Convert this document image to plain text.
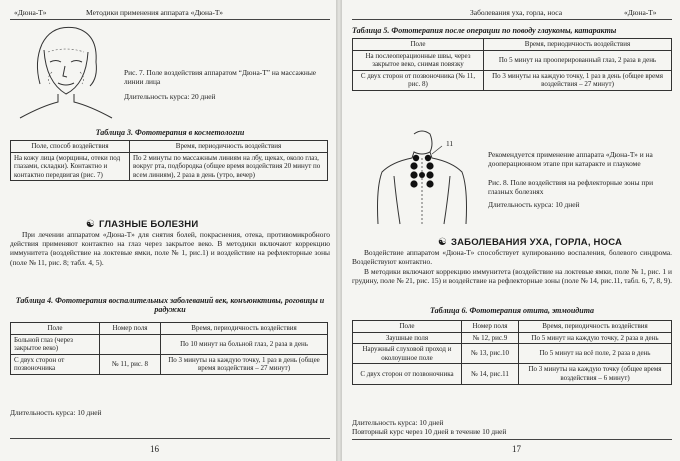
«Дюна-Т»	Методики применения аппарата «Дюна-Т»
Рис. 7. Поле воздействия аппаратом “Дюна-Т” на массажные линии лица
Длительность курса: 20 дней
Таблица 3. Фототерапия в косметологии
Поле, способ воздействия	Время, периодичность воздействия
На кожу лица (морщины, отеки под глазами, складки). Контактно и контактно передвигая (рис. 7)	По 2 минуты по массажным линиям на лбу, щеках, около глаз, вокруг рта, подбородка (общее время воздействия 20 минут по всем линиям), 2 раза в день (утро, вечер)
☯ ГЛАЗНЫЕ БОЛЕЗНИ
При лечении аппаратом «Дюна-Т» для снятия болей, покраснения, отека, противомикробного действия применяют контактно на глаз через закрытое веко. В методики включают коррекцию иммунитета (воздействие на локтевые ямки, поле № 1, рис.1) и воздействие на рефлекторные зоны (поле № 11, рис. 8; табл. 4, 5).
Таблица 4. Фототерапия воспалительных заболеваний век, конъюнктивы, роговицы и радужки
Поле	Номер поля	Время, периодичность воздействия
Больной глаз (через закрытое веко)		По 10 минут на больной глаз, 2 раза в день
С двух сторон от позвоночника	№ 11, рис. 8	По 3 минуты на каждую точку, 1 раз в день (общее время воздействия – 27 минут)
Длительность курса: 10 дней
16
Заболевания уха, горла, носа	«Дюна-Т»
Таблица 5. Фототерапия после операции по поводу глаукомы, катаракты
Поле	Время, периодичность воздействия
На послеоперационные швы, через закрытое веко, снимая повязку	По 5 минут на прооперированный глаз, 2 раза в день
С двух сторон от позвоночника (№ 11, рис. 8)	По 3 минуты на каждую точку, 1 раз в день (общее время воздействия – 27 минут)
11
Рекомендуется применение аппарата «Дюна-Т» и на дооперационном этапе при катаракте и глаукоме
Рис. 8. Поле воздействия на рефлекторные зоны при глазных болезнях
Длительность курса: 10 дней
☯ ЗАБОЛЕВАНИЯ УХА, ГОРЛА, НОСА
Воздействие аппаратом «Дюна-Т» способствует купированию воспаления, болевого синдрома. Воздействуют контактно.
В методики включают коррекцию иммунитета (воздействие на локтевые ямки, поле № 1, рис. 1 и грудину, поле № 21, рис. 15) и воздействие на рефлекторные зоны (поле № 14, рис.11, табл. 6, 7, 8, 9).
Таблица 6. Фототерапия отита, этмоидита
Поле	Номер поля	Время, периодичность воздействия
Заушные поля	№ 12, рис.9	По 5 минут на каждую точку, 2 раза в день
Наружный слуховой проход и околоушное поле	№ 13, рис.10	По 5 минут на всё поле, 2 раза в день
С двух сторон от позвоночника	№ 14, рис.11	По 3 минуты на каждую точку (общее время воздействия – 6 минут)
Длительность курса: 10 дней
Повторный курс через 10 дней в течение 10 дней
17
